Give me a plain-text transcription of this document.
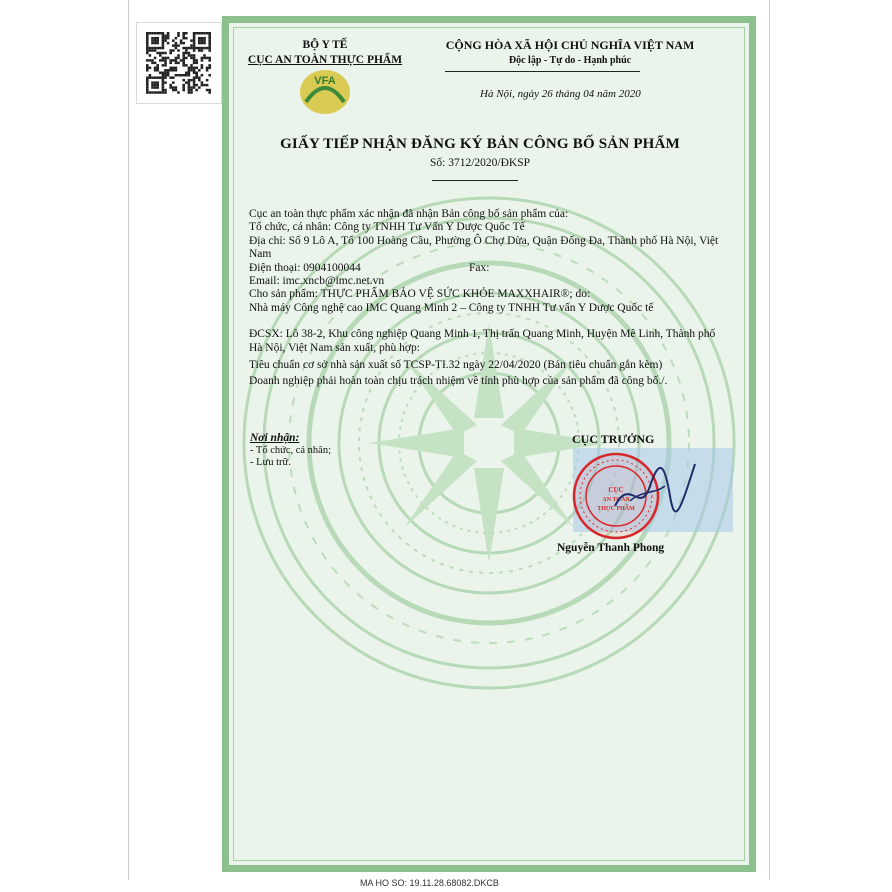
BỘ Y TẾ
CỤC AN TOÀN THỰC PHẨM
VFA
CỘNG HÒA XÃ HỘI CHỦ NGHĨA VIỆT NAM
Độc lập - Tự do - Hạnh phúc
Hà Nội, ngày 26 tháng 04 năm 2020
GIẤY TIẾP NHẬN ĐĂNG KÝ BẢN CÔNG BỐ SẢN PHẨM
Số: 3712/2020/ĐKSP

Cục an toàn thực phẩm xác nhận đã nhận Bản công bố sản phẩm của:

Tổ chức, cá nhân: Công ty TNHH Tư Vấn Y Dược Quốc Tế

Địa chỉ: Số 9 Lô A, Tổ 100 Hoàng Cầu, Phường Ô Chợ Dừa, Quận Đống Đa, Thành phố Hà Nội, Việt Nam

Điện thoại: 0904100044	Fax:

Email: imc.xncb@imc.net.vn

Cho sản phẩm: THỰC PHẨM BẢO VỆ SỨC KHỎE MAXXHAIR®; do:

Nhà máy Công nghệ cao IMC Quang Minh 2 – Công ty TNHH Tư vấn Y Dược Quốc tế

ĐCSX: Lô 38-2, Khu công nghiệp Quang Minh 1, Thị trấn Quang Minh, Huyện Mê Linh, Thành phố Hà Nội, Việt Nam sản xuất, phù hợp:

Tiêu chuẩn cơ sở nhà sản xuất số TCSP-TI.32 ngày 22/04/2020 (Bản tiêu chuẩn gắn kèm)

Doanh nghiệp phải hoàn toàn chịu trách nhiệm về tính phù hợp của sản phẩm đã công bố./.

Nơi nhận:
- Tổ chức, cá nhân;
- Lưu trữ.
CỤC TRƯỞNG
CỤC
AN TOÀN
THỰC PHẨM
Nguyễn Thanh Phong
MA HO SO: 19.11.28.68082.DKCB
